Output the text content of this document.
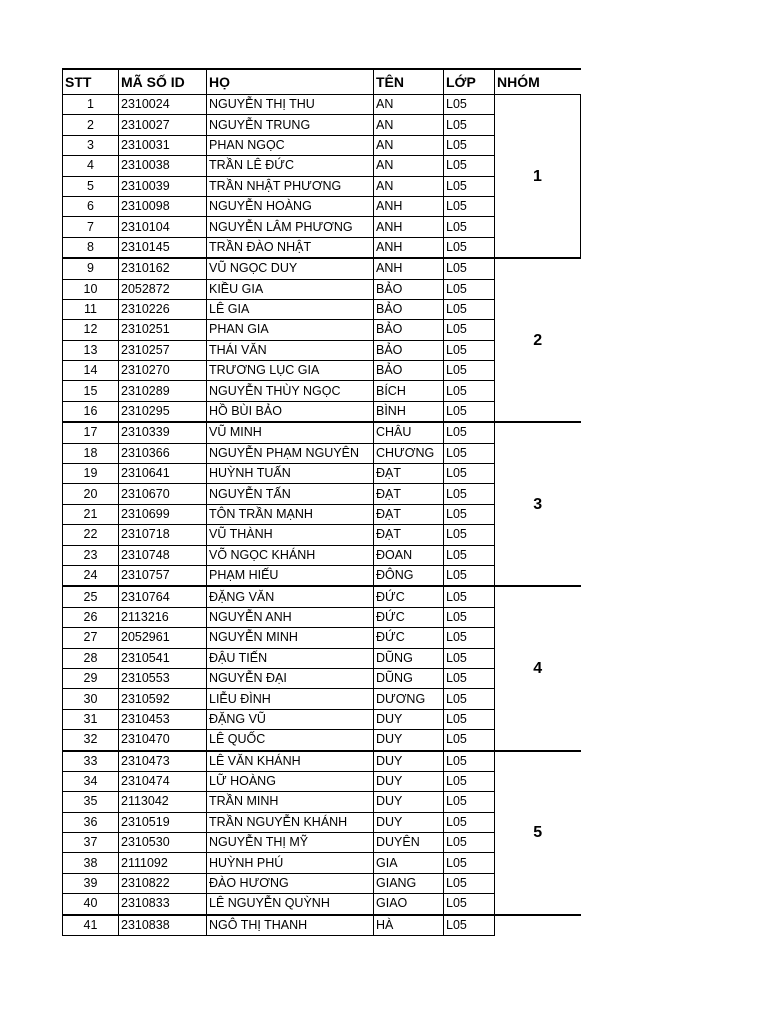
STT	MÃ SỐ ID	HỌ	TÊN	LỚP	NHÓM
1	2310024	NGUYỄN THỊ THU	AN	L05	1
2	2310027	NGUYỄN TRUNG	AN	L05	
3	2310031	PHAN NGỌC	AN	L05	
4	2310038	TRẦN LÊ ĐỨC	AN	L05	
5	2310039	TRẦN NHẬT PHƯƠNG	AN	L05	
6	2310098	NGUYỄN HOÀNG	ANH	L05	
7	2310104	NGUYỄN LÂM PHƯƠNG	ANH	L05	
8	2310145	TRẦN ĐÀO NHẬT	ANH	L05	
9	2310162	VŨ NGỌC DUY	ANH	L05	2
10	2052872	KIỀU GIA	BẢO	L05	
11	2310226	LÊ GIA	BẢO	L05	
12	2310251	PHAN GIA	BẢO	L05	
13	2310257	THÁI VĂN	BẢO	L05	
14	2310270	TRƯƠNG LỤC GIA	BẢO	L05	
15	2310289	NGUYỄN THÙY NGỌC	BÍCH	L05	
16	2310295	HỒ BÙI BẢO	BÌNH	L05	
17	2310339	VŨ MINH	CHÂU	L05	3
18	2310366	NGUYỄN PHẠM NGUYÊN	CHƯƠNG	L05	
19	2310641	HUỲNH TUẤN	ĐẠT	L05	
20	2310670	NGUYỄN TẤN	ĐẠT	L05	
21	2310699	TÔN TRẦN MẠNH	ĐẠT	L05	
22	2310718	VŨ THÀNH	ĐẠT	L05	
23	2310748	VÕ NGỌC KHÁNH	ĐOAN	L05	
24	2310757	PHẠM HIẾU	ĐÔNG	L05	
25	2310764	ĐẶNG VĂN	ĐỨC	L05	4
26	2113216	NGUYỄN ANH	ĐỨC	L05	
27	2052961	NGUYỄN MINH	ĐỨC	L05	
28	2310541	ĐẬU TIẾN	DŨNG	L05	
29	2310553	NGUYỄN ĐẠI	DŨNG	L05	
30	2310592	LIỄU ĐÌNH	DƯƠNG	L05	
31	2310453	ĐẶNG VŨ	DUY	L05	
32	2310470	LÊ QUỐC	DUY	L05	
33	2310473	LÊ VĂN KHÁNH	DUY	L05	5
34	2310474	LỮ HOÀNG	DUY	L05	
35	2113042	TRẦN MINH	DUY	L05	
36	2310519	TRẦN NGUYỄN KHÁNH	DUY	L05	
37	2310530	NGUYỄN THỊ MỸ	DUYÊN	L05	
38	2111092	HUỲNH PHÚ	GIA	L05	
39	2310822	ĐÀO HƯƠNG	GIANG	L05	
40	2310833	LÊ NGUYỄN QUỲNH	GIAO	L05	
41	2310838	NGÔ THỊ THANH	HÀ	L05	
